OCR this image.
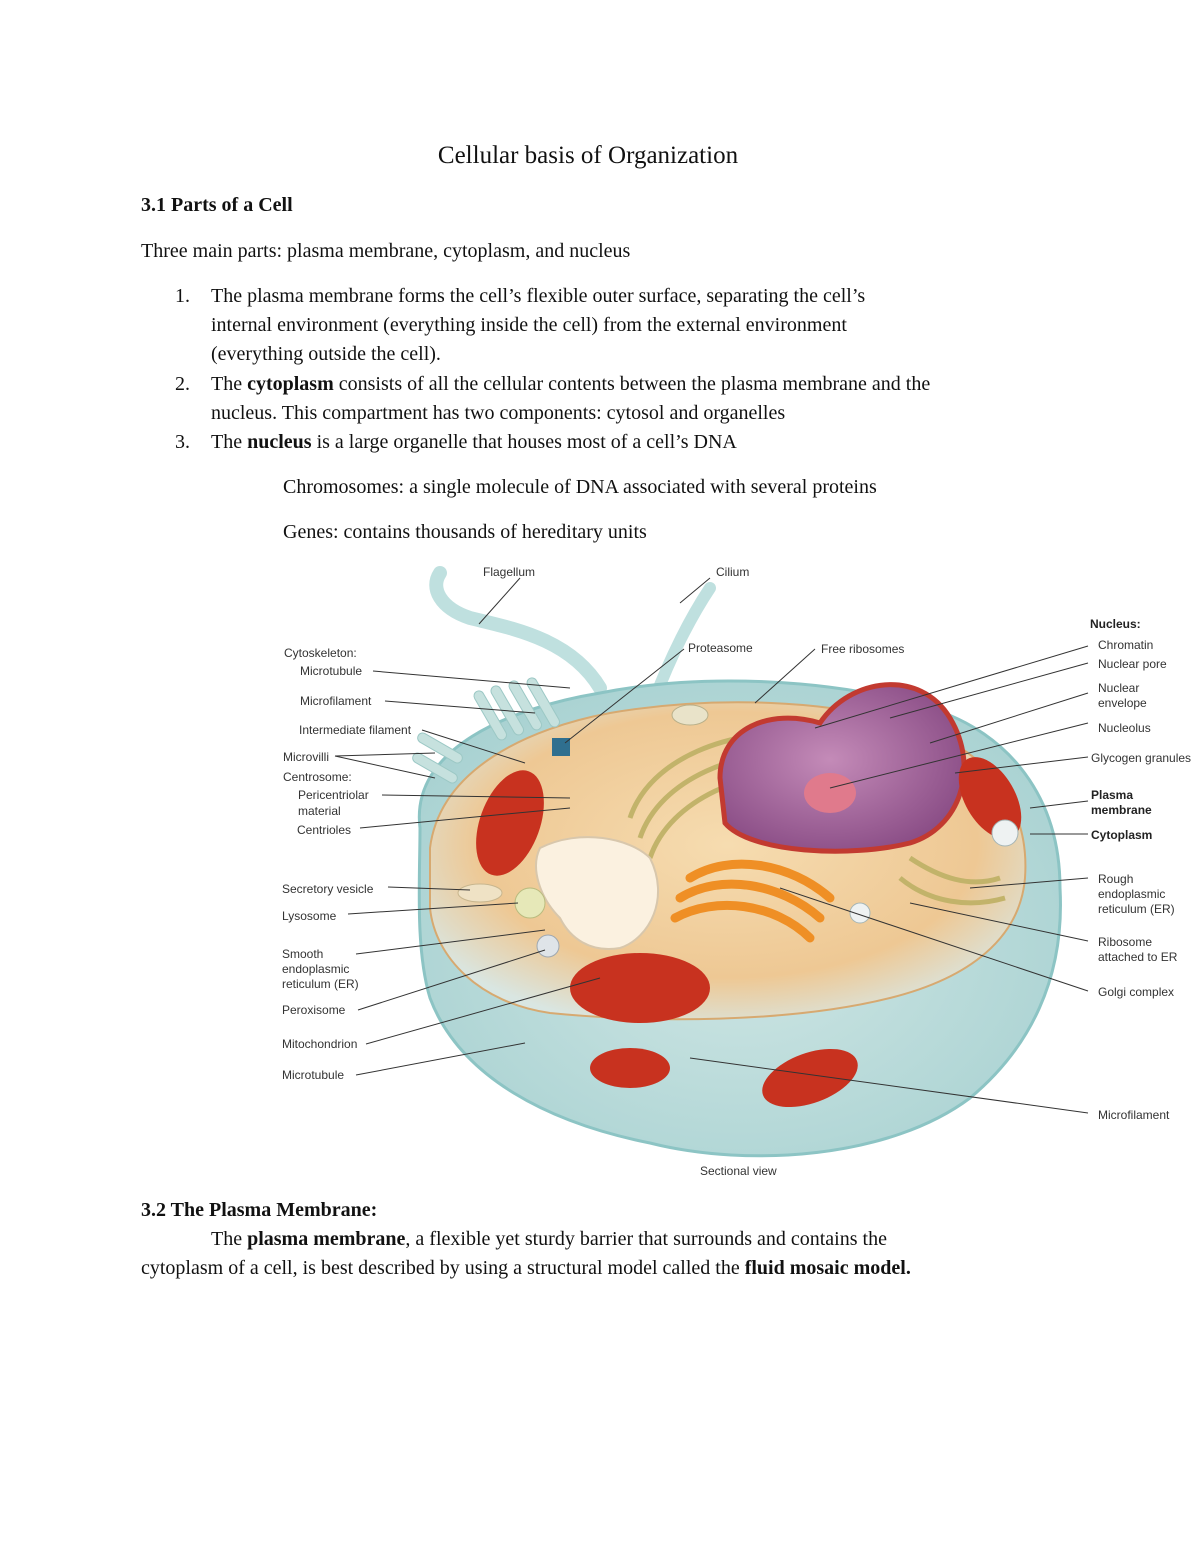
Cellular basis of Organization
3.1 Parts of a Cell
Three main parts: plasma membrane, cytoplasm, and nucleus
1. The plasma membrane forms the cell’s flexible outer surface, separating the cell’s
internal environment (everything inside the cell) from the external environment
(everything outside the cell).
2. The cytoplasm consists of all the cellular contents between the plasma membrane and the
nucleus. This compartment has two components: cytosol and organelles
3. The nucleus is a large organelle that houses most of a cell’s DNA
Chromosomes: a single molecule of DNA associated with several proteins
Genes: contains thousands of hereditary units
Flagellum	Cilium
Proteasome	Free ribosomes
Cytoskeleton:
Microtubule
Microfilament
Intermediate filament
Microvilli
Centrosome:
Pericentriolar
material
Centrioles
Secretory vesicle
Lysosome
Smooth
endoplasmic
reticulum (ER)
Peroxisome
Mitochondrion
Microtubule
Nucleus:
Chromatin
Nuclear pore
Nuclear
envelope
Nucleolus
Glycogen granules
Plasma
membrane
Cytoplasm
Rough
endoplasmic
reticulum (ER)
Ribosome
attached to ER
Golgi complex
Microfilament
Sectional view
3.2 The Plasma Membrane:
The plasma membrane, a flexible yet sturdy barrier that surrounds and contains the
cytoplasm of a cell, is best described by using a structural model called the fluid mosaic model.
